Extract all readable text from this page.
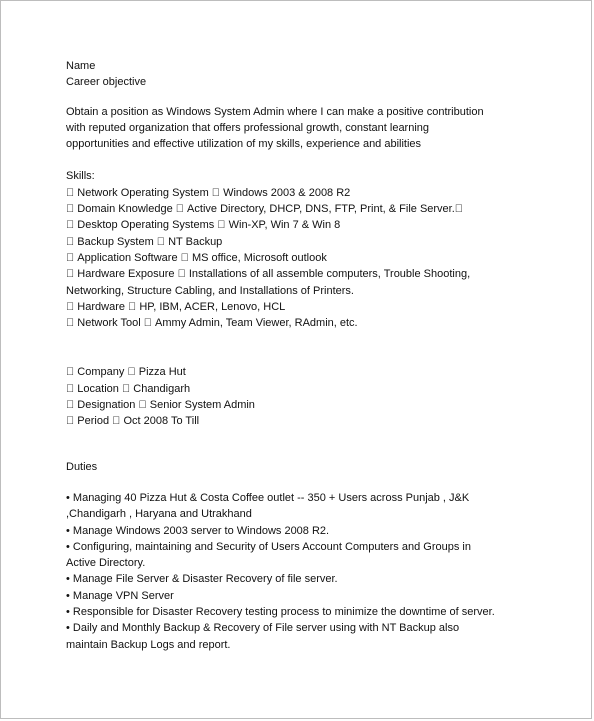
Name
Career objective
Obtain a position as Windows System Admin where I can make a positive contribution
with reputed organization that offers professional growth, constant learning
opportunities and effective utilization of my skills, experience and abilities
Skills:
Network Operating System Windows 2003 & 2008 R2
Domain Knowledge Active Directory, DHCP, DNS, FTP, Print, & File Server.
Desktop Operating Systems Win-XP, Win 7 & Win 8
Backup System NT Backup
Application Software MS office, Microsoft outlook
Hardware Exposure Installations of all assemble computers, Trouble Shooting,
Networking, Structure Cabling, and Installations of Printers.
Hardware HP, IBM, ACER, Lenovo, HCL
Network Tool Ammy Admin, Team Viewer, RAdmin, etc.
Company Pizza Hut
Location Chandigarh
Designation Senior System Admin
Period Oct 2008 To Till
Duties
• Managing 40 Pizza Hut & Costa Coffee outlet -- 350 + Users across Punjab , J&K
,Chandigarh , Haryana and Utrakhand
• Manage Windows 2003 server to Windows 2008 R2.
• Configuring, maintaining and Security of Users Account Computers and Groups in
Active Directory.
• Manage File Server & Disaster Recovery of file server.
• Manage VPN Server
• Responsible for Disaster Recovery testing process to minimize the downtime of server.
• Daily and Monthly Backup & Recovery of File server using with NT Backup also
maintain Backup Logs and report.
